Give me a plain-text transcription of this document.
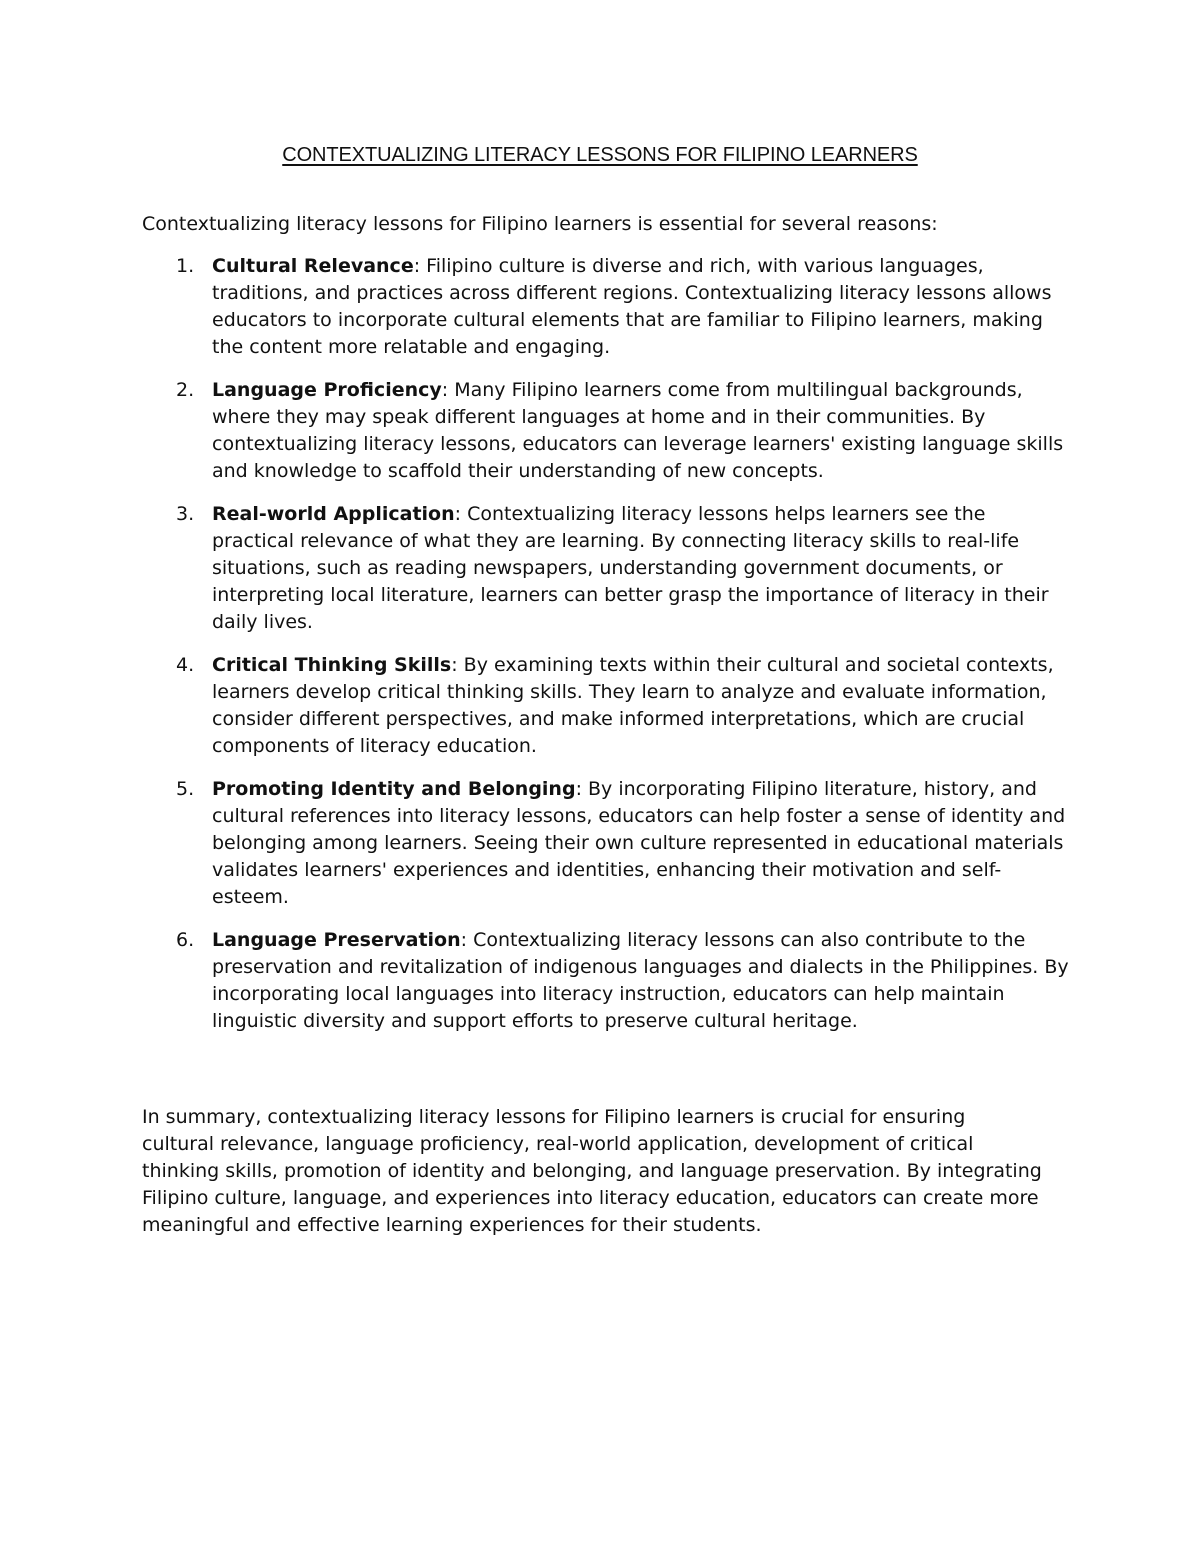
CONTEXTUALIZING LITERACY LESSONS FOR FILIPINO LEARNERS

Contextualizing literacy lessons for Filipino learners is essential for several reasons:

1. Cultural Relevance: Filipino culture is diverse and rich, with various languages, traditions, and practices across different regions. Contextualizing literacy lessons allows educators to incorporate cultural elements that are familiar to Filipino learners, making the content more relatable and engaging.
2. Language Proficiency: Many Filipino learners come from multilingual backgrounds, where they may speak different languages at home and in their communities. By contextualizing literacy lessons, educators can leverage learners' existing language skills and knowledge to scaffold their understanding of new concepts.
3. Real-world Application: Contextualizing literacy lessons helps learners see the practical relevance of what they are learning. By connecting literacy skills to real-life situations, such as reading newspapers, understanding government documents, or interpreting local literature, learners can better grasp the importance of literacy in their daily lives.
4. Critical Thinking Skills: By examining texts within their cultural and societal contexts, learners develop critical thinking skills. They learn to analyze and evaluate information, consider different perspectives, and make informed interpretations, which are crucial components of literacy education.
5. Promoting Identity and Belonging: By incorporating Filipino literature, history, and cultural references into literacy lessons, educators can help foster a sense of identity and belonging among learners. Seeing their own culture represented in educational materials validates learners' experiences and identities, enhancing their motivation and self-esteem.
6. Language Preservation: Contextualizing literacy lessons can also contribute to the preservation and revitalization of indigenous languages and dialects in the Philippines. By incorporating local languages into literacy instruction, educators can help maintain linguistic diversity and support efforts to preserve cultural heritage.

In summary, contextualizing literacy lessons for Filipino learners is crucial for ensuring cultural relevance, language proficiency, real-world application, development of critical thinking skills, promotion of identity and belonging, and language preservation. By integrating Filipino culture, language, and experiences into literacy education, educators can create more meaningful and effective learning experiences for their students.
